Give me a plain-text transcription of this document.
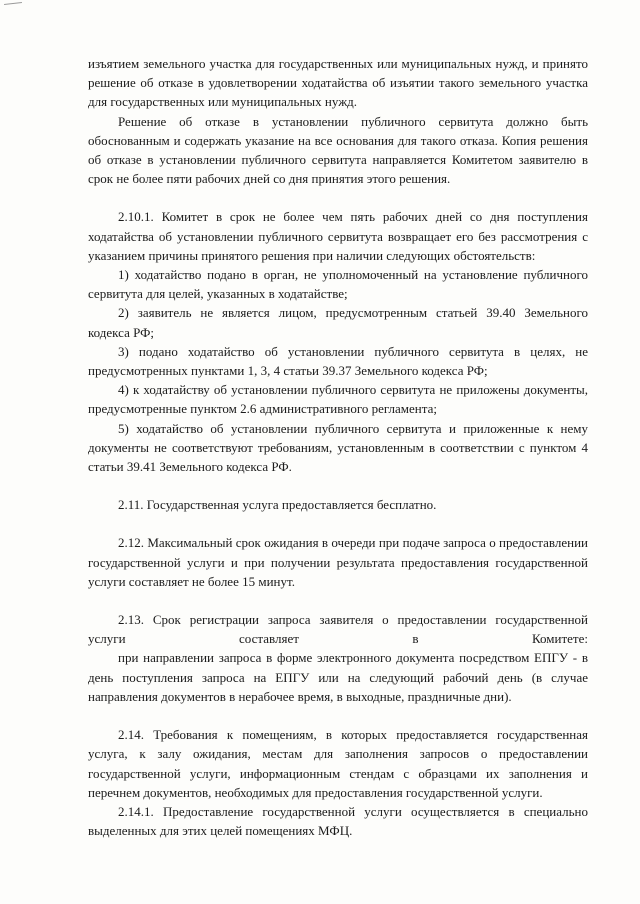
изъятием земельного участка для государственных или муниципальных нужд, и принято решение об отказе в удовлетворении ходатайства об изъятии такого земельного участка для государственных или муниципальных нужд.

Решение об отказе в установлении публичного сервитута должно быть обоснованным и содержать указание на все основания для такого отказа. Копия решения об отказе в установлении публичного сервитута направляется Комитетом заявителю в срок не более пяти рабочих дней со дня принятия этого решения.

2.10.1. Комитет в срок не более чем пять рабочих дней со дня поступления ходатайства об установлении публичного сервитута возвращает его без рассмотрения с указанием причины принятого решения при наличии следующих обстоятельств:

1) ходатайство подано в орган, не уполномоченный на установление публичного сервитута для целей, указанных в ходатайстве;

2) заявитель не является лицом, предусмотренным статьей 39.40 Земельного кодекса РФ;

3) подано ходатайство об установлении публичного сервитута в целях, не предусмотренных пунктами 1, 3, 4 статьи 39.37 Земельного кодекса РФ;

4) к ходатайству об установлении публичного сервитута не приложены документы, предусмотренные пунктом 2.6 административного регламента;

5) ходатайство об установлении публичного сервитута и приложенные к нему документы не соответствуют требованиям, установленным в соответствии с пунктом 4 статьи 39.41 Земельного кодекса РФ.

2.11. Государственная услуга предоставляется бесплатно.

2.12. Максимальный срок ожидания в очереди при подаче запроса о предоставлении государственной услуги и при получении результата предоставления государственной услуги составляет не более 15 минут.

2.13. Срок регистрации запроса заявителя о предоставлении государственной услуги составляет в Комитете:

при направлении запроса в форме электронного документа посредством ЕПГУ - в день поступления запроса на ЕПГУ или на следующий рабочий день (в случае направления документов в нерабочее время, в выходные, праздничные дни).

2.14. Требования к помещениям, в которых предоставляется государственная услуга, к залу ожидания, местам для заполнения запросов о предоставлении государственной услуги, информационным стендам с образцами их заполнения и перечнем документов, необходимых для предоставления государственной услуги.

2.14.1. Предоставление государственной услуги осуществляется в специально выделенных для этих целей помещениях МФЦ.
